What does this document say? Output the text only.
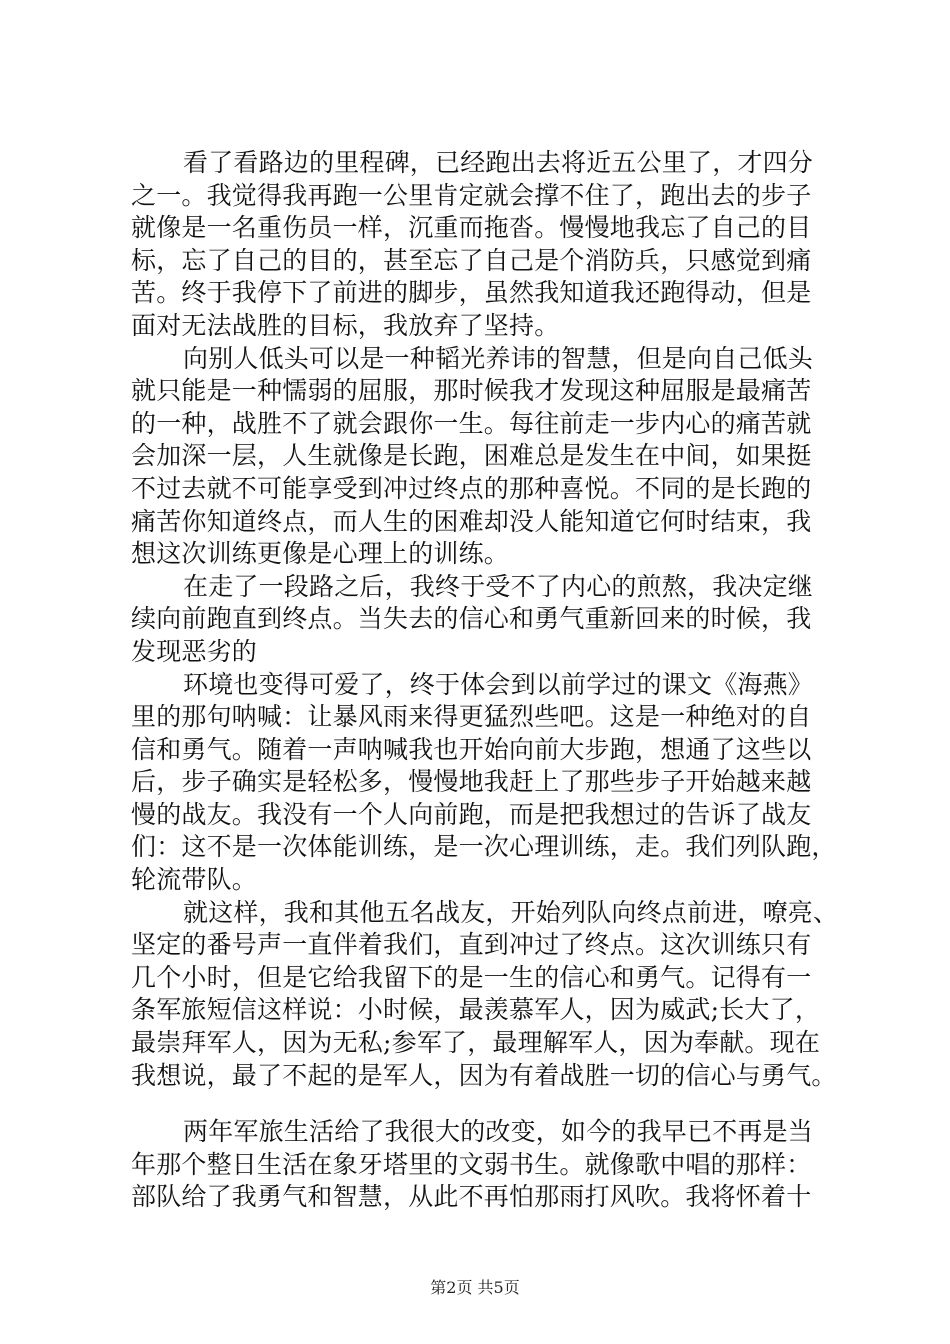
看了看路边的里程碑，已经跑出去将近五公里了，才四分
之一。我觉得我再跑一公里肯定就会撑不住了，跑出去的步子
就像是一名重伤员一样，沉重而拖沓。慢慢地我忘了自己的目
标，忘了自己的目的，甚至忘了自己是个消防兵，只感觉到痛
苦。终于我停下了前进的脚步，虽然我知道我还跑得动，但是
面对无法战胜的目标，我放弃了坚持。
向别人低头可以是一种韬光养讳的智慧，但是向自己低头
就只能是一种懦弱的屈服，那时候我才发现这种屈服是最痛苦
的一种，战胜不了就会跟你一生。每往前走一步内心的痛苦就
会加深一层，人生就像是长跑，困难总是发生在中间，如果挺
不过去就不可能享受到冲过终点的那种喜悦。不同的是长跑的
痛苦你知道终点，而人生的困难却没人能知道它何时结束，我
想这次训练更像是心理上的训练。
在走了一段路之后，我终于受不了内心的煎熬，我决定继
续向前跑直到终点。当失去的信心和勇气重新回来的时候，我
发现恶劣的
环境也变得可爱了，终于体会到以前学过的课文《海燕》
里的那句呐喊：让暴风雨来得更猛烈些吧。这是一种绝对的自
信和勇气。随着一声呐喊我也开始向前大步跑，想通了这些以
后，步子确实是轻松多，慢慢地我赶上了那些步子开始越来越
慢的战友。我没有一个人向前跑，而是把我想过的告诉了战友
们：这不是一次体能训练，是一次心理训练，走。我们列队跑，
轮流带队。
就这样，我和其他五名战友，开始列队向终点前进，嘹亮、
坚定的番号声一直伴着我们，直到冲过了终点。这次训练只有
几个小时，但是它给我留下的是一生的信心和勇气。记得有一
条军旅短信这样说：小时候，最羡慕军人，因为威武;长大了，
最崇拜军人，因为无私;参军了，最理解军人，因为奉献。现在
我想说，最了不起的是军人，因为有着战胜一切的信心与勇气。
两年军旅生活给了我很大的改变，如今的我早已不再是当
年那个整日生活在象牙塔里的文弱书生。就像歌中唱的那样：
部队给了我勇气和智慧，从此不再怕那雨打风吹。我将怀着十
第2页 共5页
